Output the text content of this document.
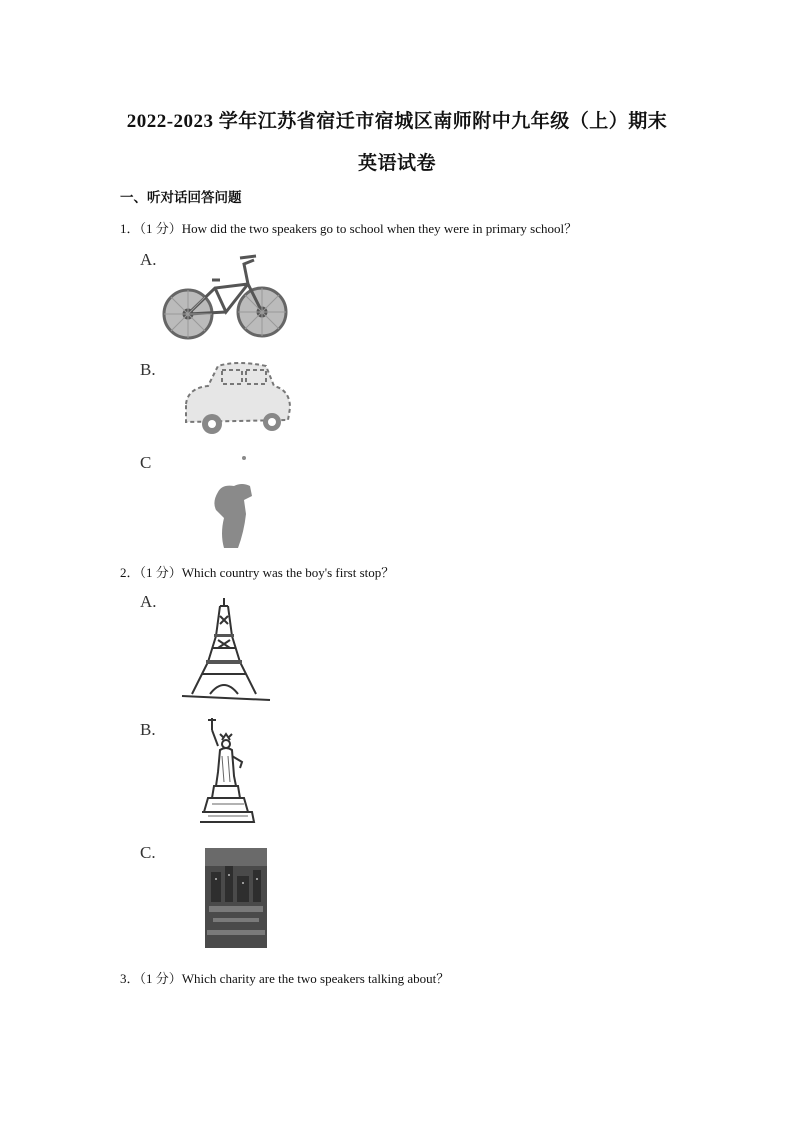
2022-2023 学年江苏省宿迁市宿城区南师附中九年级（上）期末
英语试卷
一、听对话回答问题
1．（1 分）How did the two speakers go to school when they were in primary school？
A.
B.
C
2．（1 分）Which country was the boy's first stop？
A.
B.
C.
3．（1 分）Which charity are the two speakers talking about？
